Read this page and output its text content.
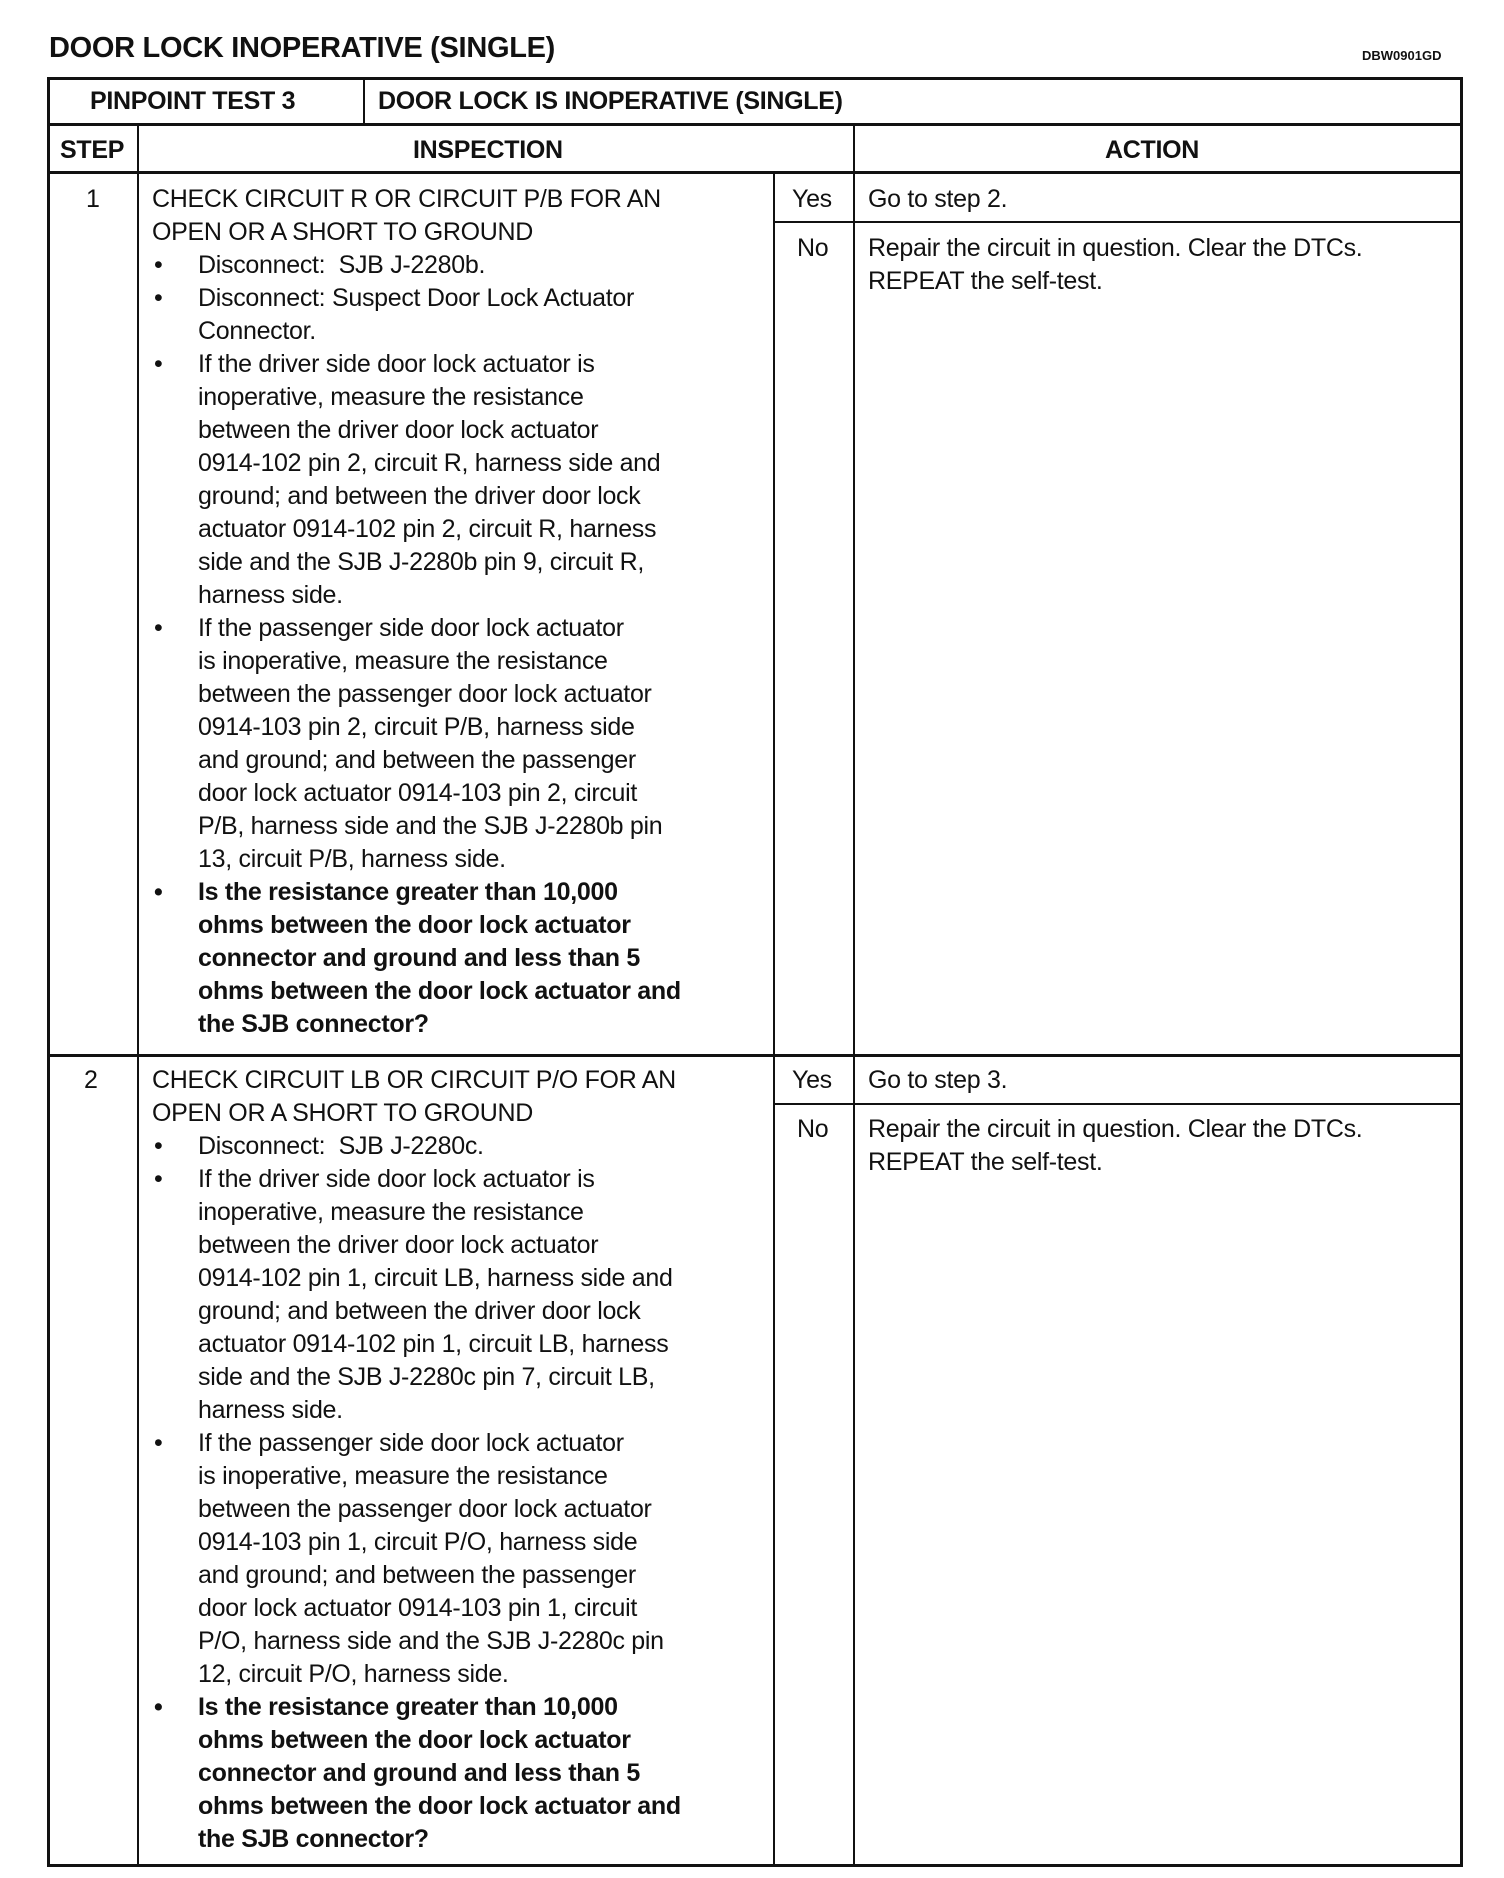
DOOR LOCK INOPERATIVE (SINGLE)	DBW0901GD
PINPOINT TEST 3	DOOR LOCK IS INOPERATIVE (SINGLE)
STEP	INSPECTION	ACTION
1 CHECK CIRCUIT R OR CIRCUIT P/B FOR AN
OPEN OR A SHORT TO GROUND
•	Disconnect:  SJB J-2280b.
•	Disconnect: Suspect Door Lock Actuator
Connector.
•	If the driver side door lock actuator is
inoperative, measure the resistance
between the driver door lock actuator
0914-102 pin 2, circuit R, harness side and
ground; and between the driver door lock
actuator 0914-102 pin 2, circuit R, harness
side and the SJB J-2280b pin 9, circuit R,
harness side.
•	If the passenger side door lock actuator
is inoperative, measure the resistance
between the passenger door lock actuator
0914-103 pin 2, circuit P/B, harness side
and ground; and between the passenger
door lock actuator 0914-103 pin 2, circuit
P/B, harness side and the SJB J-2280b pin
13, circuit P/B, harness side.
•	Is the resistance greater than 10,000
ohms between the door lock actuator
connector and ground and less than 5
ohms between the door lock actuator and
the SJB connector?
Yes Go to step 2.
No Repair the circuit in question. Clear the DTCs.
REPEAT the self-test.
2 CHECK CIRCUIT LB OR CIRCUIT P/O FOR AN
OPEN OR A SHORT TO GROUND
•	Disconnect:  SJB J-2280c.
•	If the driver side door lock actuator is
inoperative, measure the resistance
between the driver door lock actuator
0914-102 pin 1, circuit LB, harness side and
ground; and between the driver door lock
actuator 0914-102 pin 1, circuit LB, harness
side and the SJB J-2280c pin 7, circuit LB,
harness side.
•	If the passenger side door lock actuator
is inoperative, measure the resistance
between the passenger door lock actuator
0914-103 pin 1, circuit P/O, harness side
and ground; and between the passenger
door lock actuator 0914-103 pin 1, circuit
P/O, harness side and the SJB J-2280c pin
12, circuit P/O, harness side.
•	Is the resistance greater than 10,000
ohms between the door lock actuator
connector and ground and less than 5
ohms between the door lock actuator and
the SJB connector?
Yes Go to step 3.
No Repair the circuit in question. Clear the DTCs.
REPEAT the self-test.
